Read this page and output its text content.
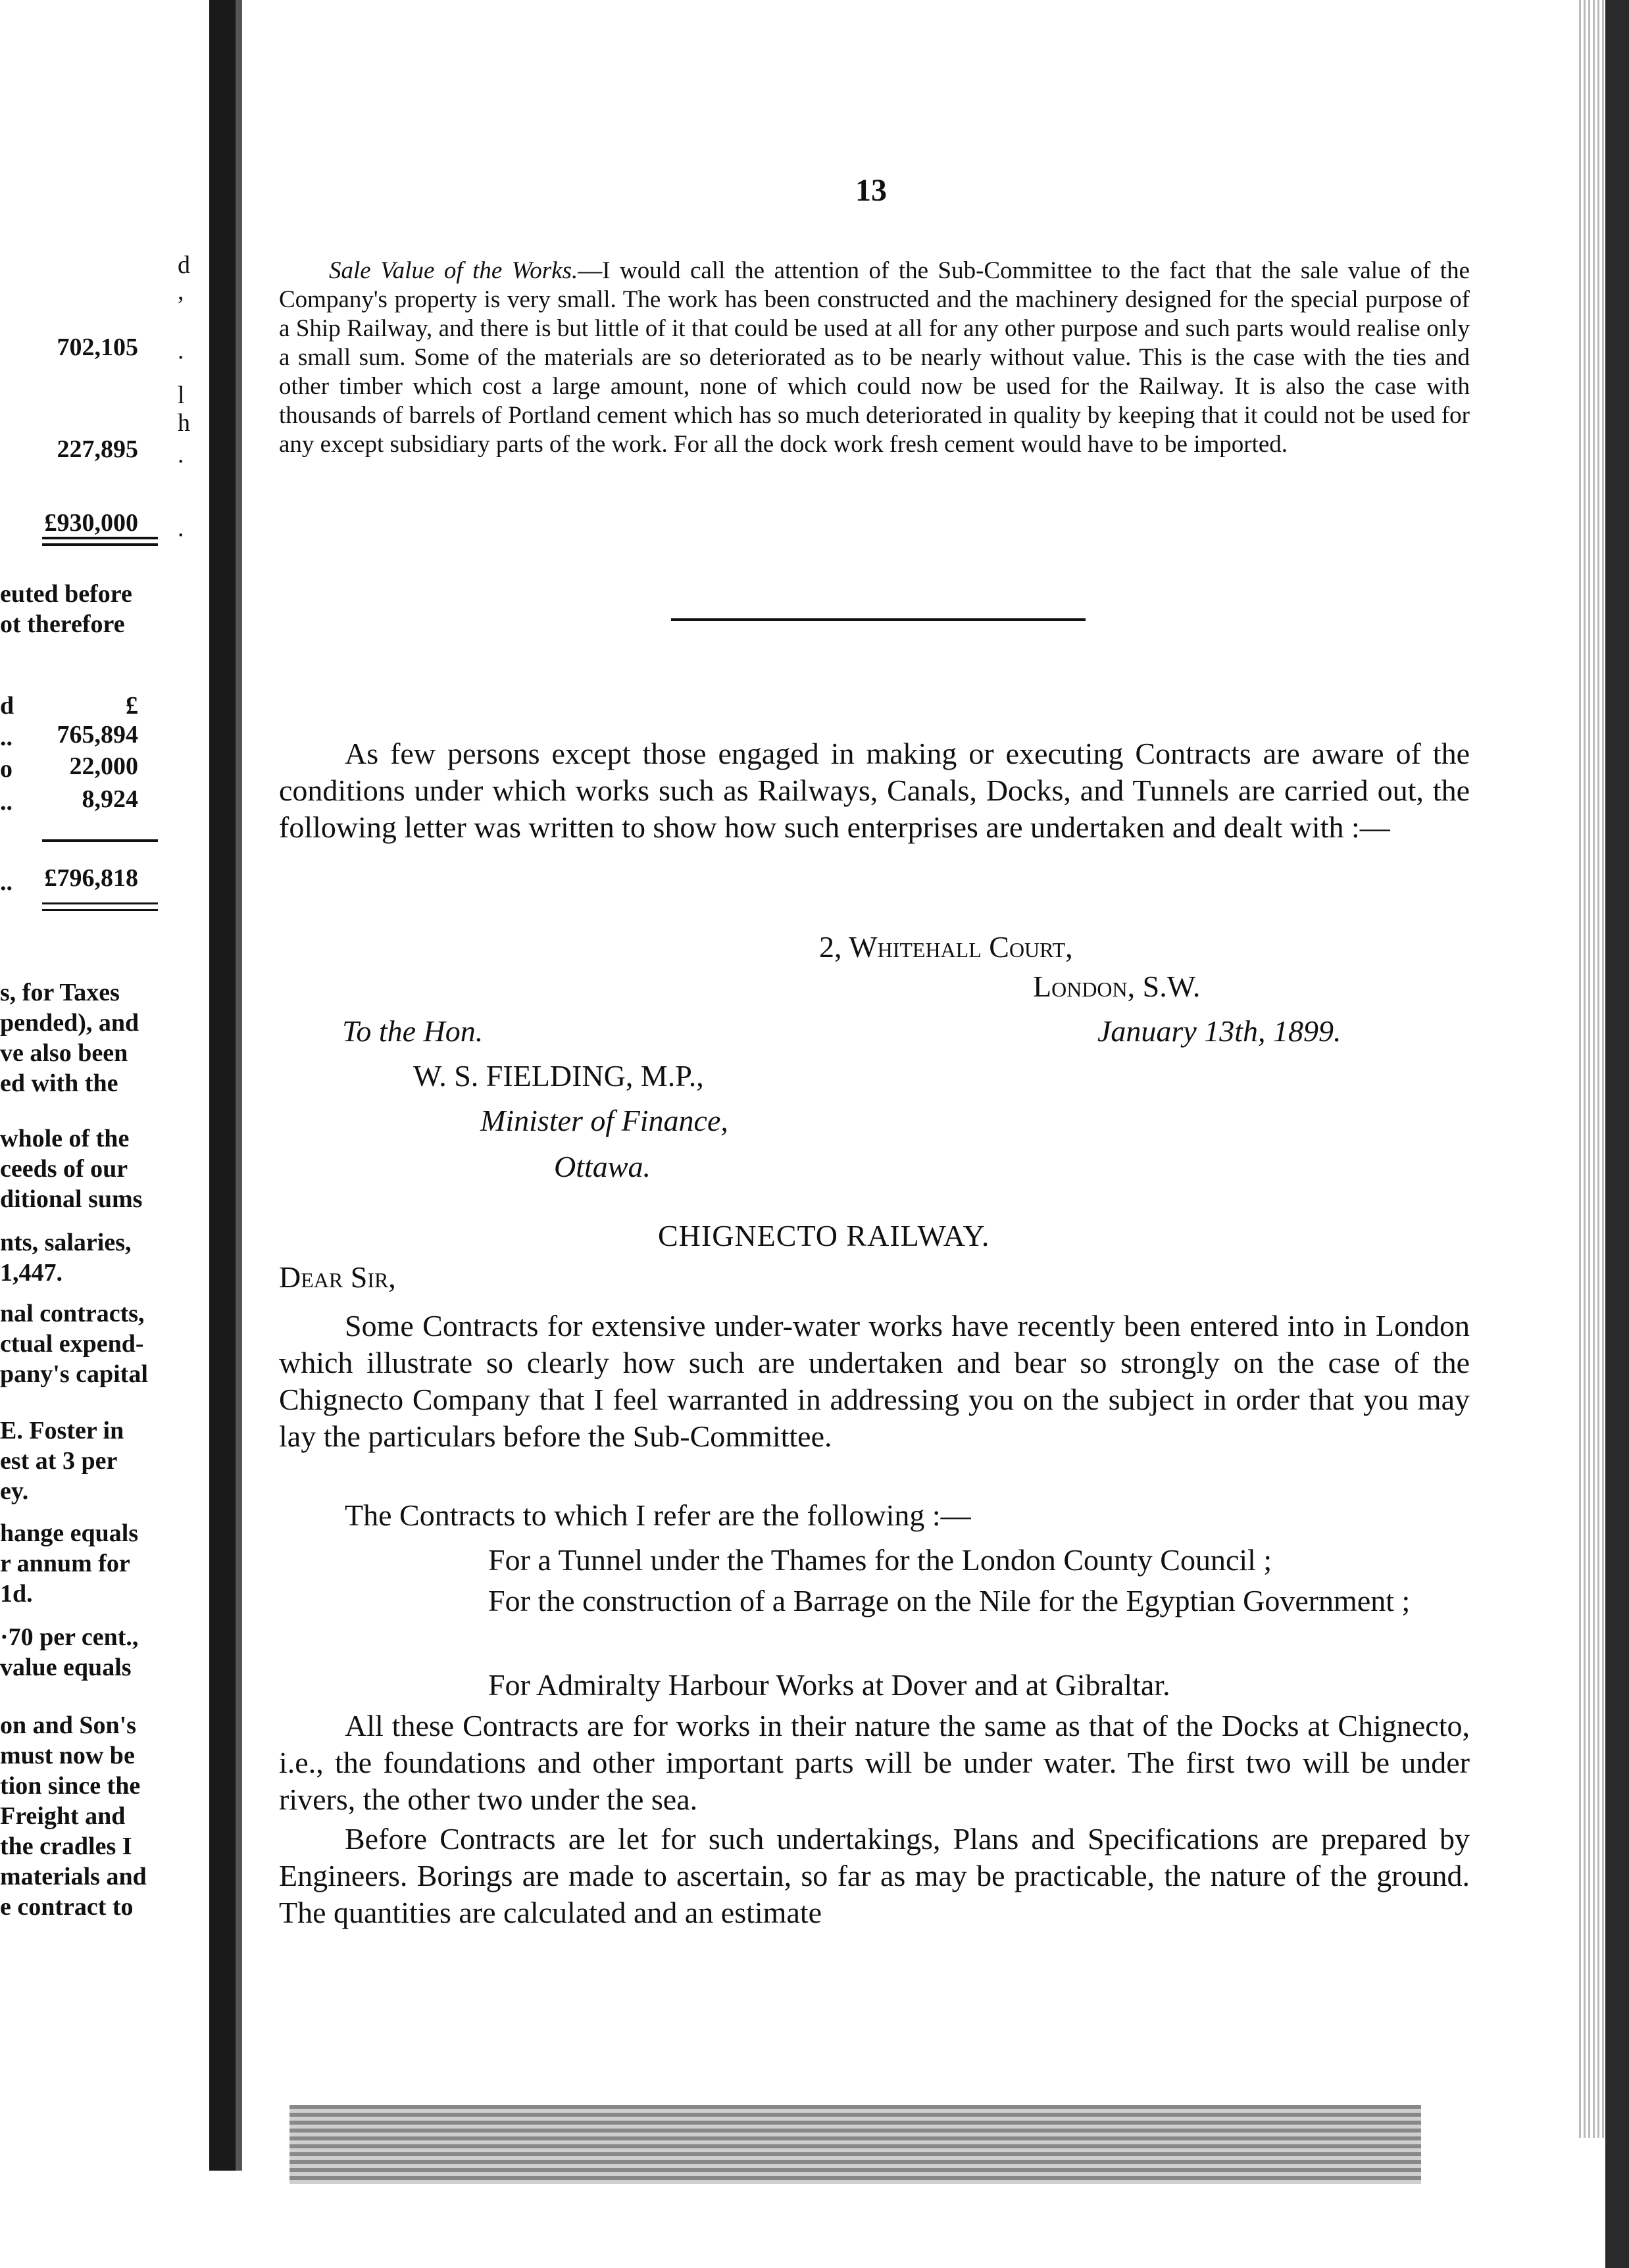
d
,
.
702,105
l
h
.
227,895
.
£930,000
euted before
ot therefore
d	£
..	765,894
o	22,000
..	8,924
..	£796,818
s, for Taxes
pended), and
ve also been
ed with the
whole of the
ceeds of our
ditional sums
nts, salaries,
1,447.
nal contracts,
ctual expend-
pany's capital
E. Foster in
est at 3 per
ey.
hange equals
r annum for
1d.
·70 per cent.,
value equals
on and Son's
must now be
tion since the
Freight and
the cradles I
materials and
e contract to
13
Sale Value of the Works.—I would call the attention of the Sub-Committee to the fact that the sale value of the Company's property is very small. The work has been constructed and the machinery designed for the special purpose of a Ship Railway, and there is but little of it that could be used at all for any other purpose and such parts would realise only a small sum. Some of the materials are so deteriorated as to be nearly without value. This is the case with the ties and other timber which cost a large amount, none of which could now be used for the Railway. It is also the case with thousands of barrels of Portland cement which has so much deteriorated in quality by keeping that it could not be used for any except subsidiary parts of the work. For all the dock work fresh cement would have to be imported.
As few persons except those engaged in making or executing Contracts are aware of the conditions under which works such as Railways, Canals, Docks, and Tunnels are carried out, the following letter was written to show how such enterprises are undertaken and dealt with :—
2, Whitehall Court,
London, S.W.
January 13th, 1899.
To the Hon.
W. S. FIELDING, M.P.,
Minister of Finance,
Ottawa.
CHIGNECTO RAILWAY.
Dear Sir,
Some Contracts for extensive under-water works have recently been entered into in London which illustrate so clearly how such are undertaken and bear so strongly on the case of the Chignecto Company that I feel warranted in addressing you on the subject in order that you may lay the particulars before the Sub-Committee.
The Contracts to which I refer are the following :—
For a Tunnel under the Thames for the London County Council ;
For the construction of a Barrage on the Nile for the Egyptian Government ;
For Admiralty Harbour Works at Dover and at Gibraltar.
All these Contracts are for works in their nature the same as that of the Docks at Chignecto, i.e., the foundations and other important parts will be under water. The first two will be under rivers, the other two under the sea.
Before Contracts are let for such undertakings, Plans and Specifications are prepared by Engineers. Borings are made to ascertain, so far as may be practicable, the nature of the ground. The quantities are calculated and an estimate
